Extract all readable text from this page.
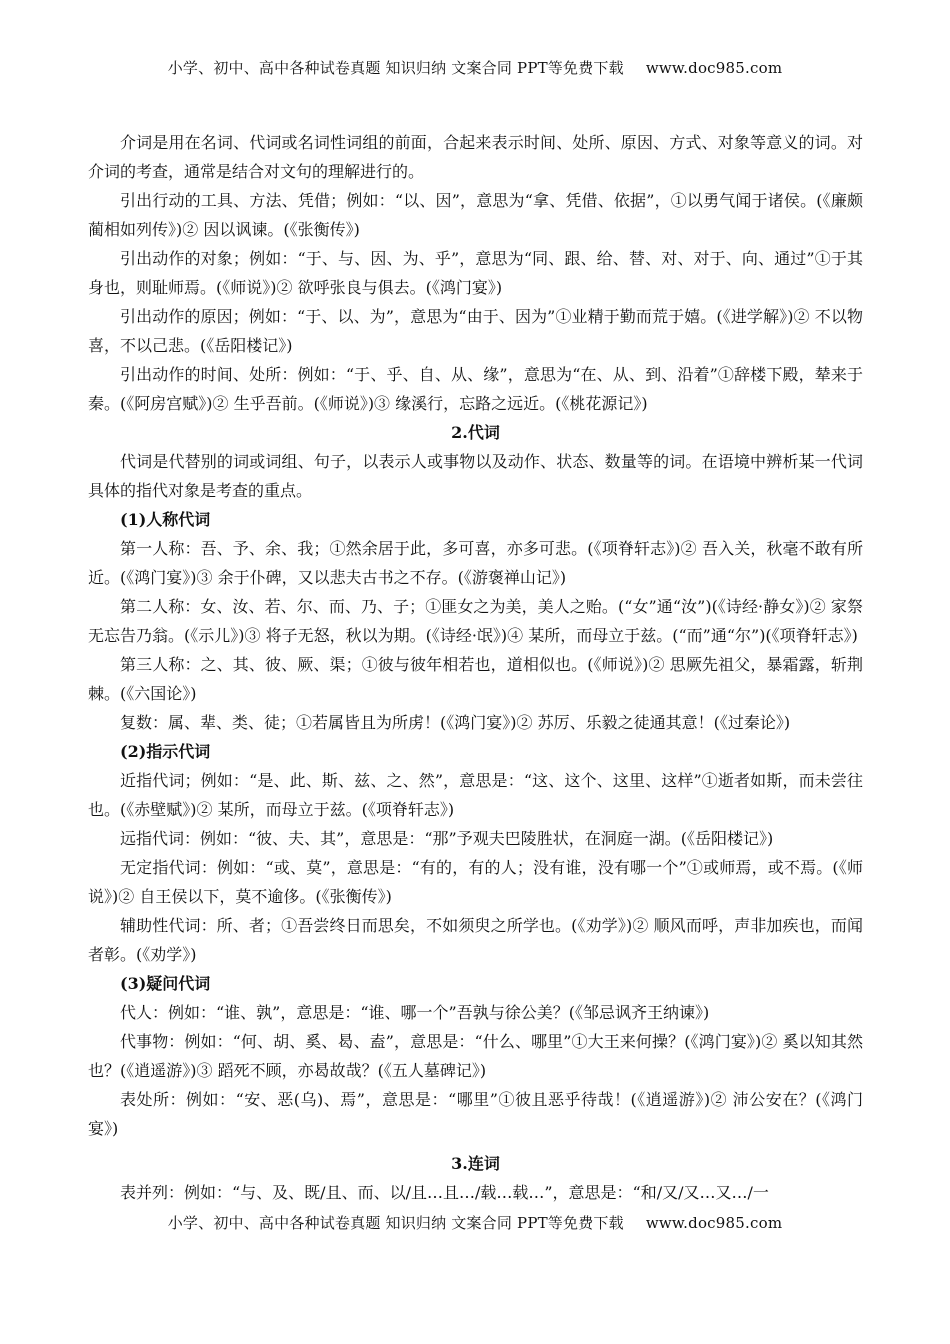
小学、初中、高中各种试卷真题 知识归纳 文案合同 PPT等免费下载 www.doc985.com

介词是用在名词、代词或名词性词组的前面，合起来表示时间、处所、原因、方式、对象等意义的词。对介词的考查，通常是结合对文句的理解进行的。

引出行动的工具、方法、凭借；例如：“以、因”，意思为“拿、凭借、依据”，①以勇气闻于诸侯。(《廉颇蔺相如列传》)② 因以讽谏。(《张衡传》)

引出动作的对象；例如：“于、与、因、为、乎”，意思为“同、跟、给、替、对、对于、向、通过”①于其身也，则耻师焉。(《师说》)② 欲呼张良与俱去。(《鸿门宴》)

引出动作的原因；例如：“于、以、为”，意思为“由于、因为”①业精于勤而荒于嬉。(《进学解》)② 不以物喜，不以己悲。(《岳阳楼记》)

引出动作的时间、处所：例如：“于、乎、自、从、缘”，意思为“在、从、到、沿着”①辞楼下殿，辇来于秦。(《阿房宫赋》)② 生乎吾前。(《师说》)③ 缘溪行，忘路之远近。(《桃花源记》)

2.代词

代词是代替别的词或词组、句子，以表示人或事物以及动作、状态、数量等的词。在语境中辨析某一代词具体的指代对象是考查的重点。

(1)人称代词

第一人称：吾、予、余、我；①然余居于此，多可喜，亦多可悲。(《项脊轩志》)② 吾入关，秋毫不敢有所近。(《鸿门宴》)③ 余于仆碑，又以悲夫古书之不存。(《游褒禅山记》)

第二人称：女、汝、若、尔、而、乃、子；①匪女之为美，美人之贻。(“女”通“汝”)(《诗经·静女》)② 家祭无忘告乃翁。(《示儿》)③ 将子无怒，秋以为期。(《诗经·氓》)④ 某所，而母立于兹。(“而”通“尔”)(《项脊轩志》)

第三人称：之、其、彼、厥、渠；①彼与彼年相若也，道相似也。(《师说》)② 思厥先祖父，暴霜露，斩荆棘。(《六国论》)

复数：属、辈、类、徒；①若属皆且为所虏！(《鸿门宴》)② 苏厉、乐毅之徒通其意！(《过秦论》)

(2)指示代词

近指代词；例如：“是、此、斯、兹、之、然”，意思是：“这、这个、这里、这样”①逝者如斯，而未尝往也。(《赤壁赋》)② 某所，而母立于兹。(《项脊轩志》)

远指代词：例如：“彼、夫、其”，意思是：“那”予观夫巴陵胜状，在洞庭一湖。(《岳阳楼记》)

无定指代词：例如：“或、莫”，意思是：“有的，有的人；没有谁，没有哪一个”①或师焉，或不焉。(《师说》)② 自王侯以下，莫不逾侈。(《张衡传》)

辅助性代词：所、者；①吾尝终日而思矣，不如须臾之所学也。(《劝学》)② 顺风而呼，声非加疾也，而闻者彰。(《劝学》)

(3)疑问代词

代人：例如：“谁、孰”，意思是：“谁、哪一个”吾孰与徐公美？(《邹忌讽齐王纳谏》)

代事物：例如：“何、胡、奚、曷、盍”，意思是：“什么、哪里”①大王来何操？(《鸿门宴》)② 奚以知其然也？(《逍遥游》)③ 蹈死不顾，亦曷故哉？(《五人墓碑记》)

表处所：例如：“安、恶(乌)、焉”，意思是：“哪里”①彼且恶乎待哉！(《逍遥游》)② 沛公安在？(《鸿门宴》)

3.连词

表并列：例如：“与、及、既/且、而、以/且…且…/载…载…”，意思是：“和/又/又…又…/一

小学、初中、高中各种试卷真题 知识归纳 文案合同 PPT等免费下载 www.doc985.com
